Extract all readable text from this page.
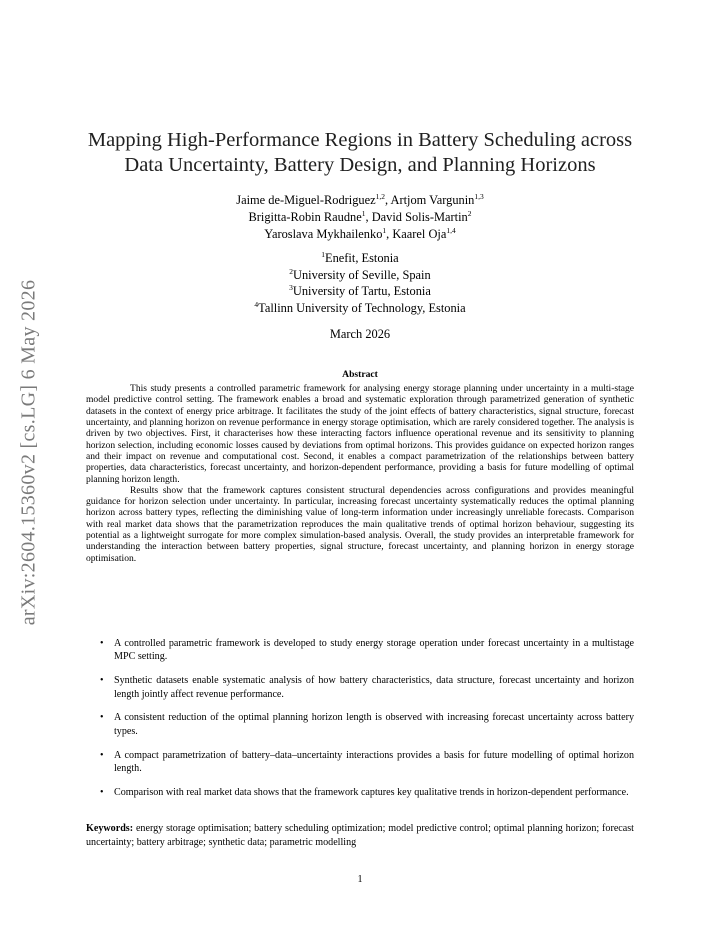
arXiv:2604.15360v2 [cs.LG] 6 May 2026
Mapping High-Performance Regions in Battery Scheduling across
Data Uncertainty, Battery Design, and Planning Horizons
Jaime de-Miguel-Rodriguez$^{1,2}$, Artjom Vargunin$^{1,3}$
Brigitta-Robin Raudne$^1$, David Solis-Martin$^2$
Yaroslava Mykhailenko$^1$, Kaarel Oja$^{1,4}$
$^1$Enefit, Estonia
$^2$University of Seville, Spain
$^3$University of Tartu, Estonia
$^4$Tallinn University of Technology, Estonia
March 2026
Abstract

This study presents a controlled parametric framework for analysing energy storage planning under uncertainty in a multi-stage model predictive control setting. The framework enables a broad and systematic exploration through parametrized generation of synthetic datasets in the context of energy price arbitrage. It facilitates the study of the joint effects of battery characteristics, signal structure, forecast uncertainty, and planning horizon on revenue performance in energy storage optimisation, which are rarely considered together. The analysis is driven by two objectives. First, it characterises how these interacting factors influence operational revenue and its sensitivity to planning horizon selection, including economic losses caused by deviations from optimal horizons. This provides guidance on expected horizon ranges and their impact on revenue and computational cost. Second, it enables a compact parametrization of the relationships between battery properties, data characteristics, forecast uncertainty, and horizon-dependent performance, providing a basis for future modelling of optimal planning horizon length.

Results show that the framework captures consistent structural dependencies across configurations and provides meaningful guidance for horizon selection under uncertainty. In particular, increasing forecast uncertainty systematically reduces the optimal planning horizon across battery types, reflecting the diminishing value of long-term information under increasingly unreliable forecasts. Comparison with real market data shows that the parametrization reproduces the main qualitative trends of optimal horizon behaviour, suggesting its potential as a lightweight surrogate for more complex simulation-based analysis. Overall, the study provides an interpretable framework for understanding the interaction between battery properties, signal structure, forecast uncertainty, and planning horizon in energy storage optimisation.

• A controlled parametric framework is developed to study energy storage operation under forecast uncertainty in a multistage MPC setting.
• Synthetic datasets enable systematic analysis of how battery characteristics, data structure, forecast uncertainty and horizon length jointly affect revenue performance.
• A consistent reduction of the optimal planning horizon length is observed with increasing forecast uncertainty across battery types.
• A compact parametrization of battery–data–uncertainty interactions provides a basis for future modelling of optimal horizon length.
• Comparison with real market data shows that the framework captures key qualitative trends in horizon-dependent performance.
Keywords: energy storage optimisation; battery scheduling optimization; model predictive control; optimal planning horizon; forecast uncertainty; battery arbitrage; synthetic data; parametric modelling
1
